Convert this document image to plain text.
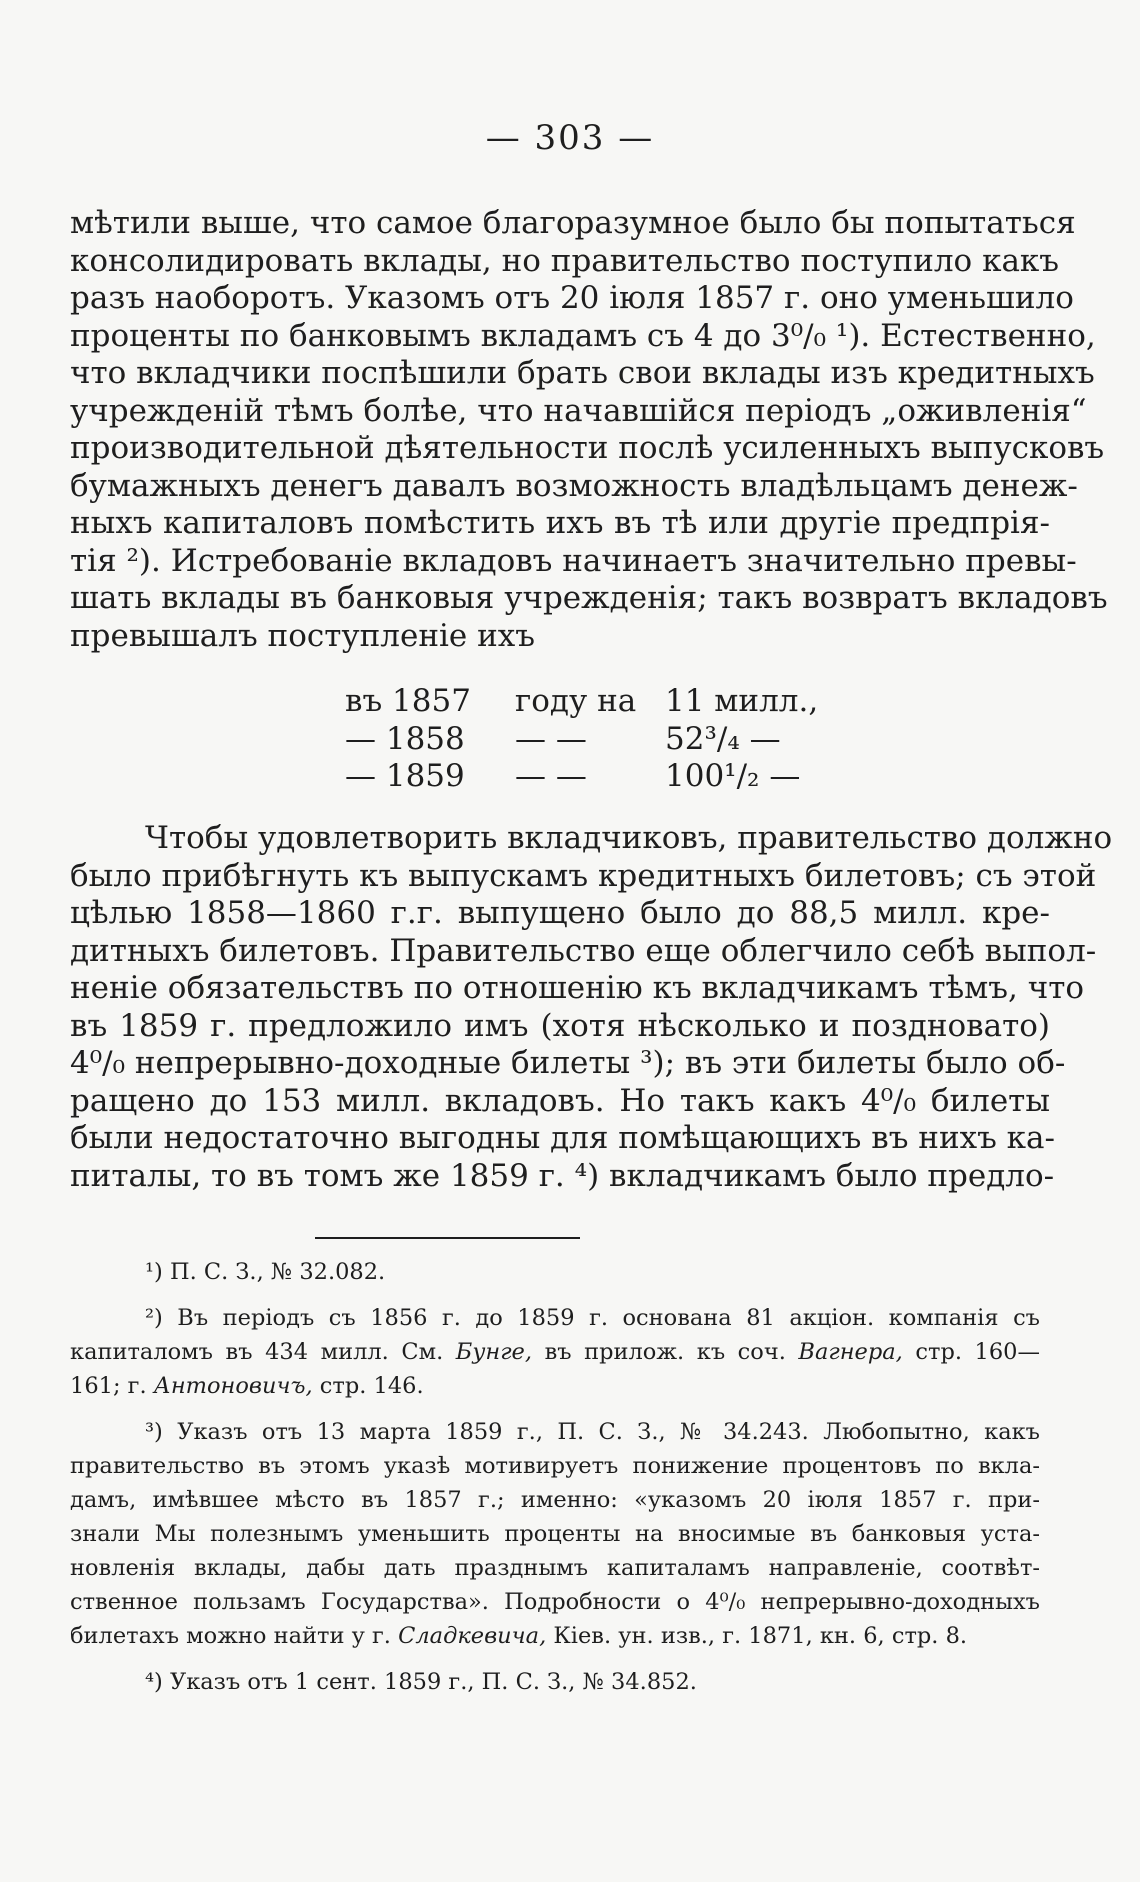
— 303 —
мѣтили выше, что самое благоразумное было бы попытаться
консолидировать вклады, но правительство поступило какъ
разъ наоборотъ. Указомъ отъ 20 іюля 1857 г. оно уменьшило
проценты по банковымъ вкладамъ съ 4 до 3⁰/₀ ¹). Естественно,
что вкладчики поспѣшили брать свои вклады изъ кредитныхъ
учрежденій тѣмъ болѣе, что начавшійся періодъ „оживленія“
производительной дѣятельности послѣ усиленныхъ выпусковъ
бумажныхъ денегъ давалъ возможность владѣльцамъ денеж-
ныхъ капиталовъ помѣстить ихъ въ тѣ или другіе предпрія-
тія ²). Истребованіе вкладовъ начинаетъ значительно превы-
шать вклады въ банковыя учрежденія; такъ возвратъ вкладовъ
превышалъ поступленіе ихъ
въ 1857 году на 11 милл.,
— 1858 — —	52³/₄ —
— 1859 — —	100¹/₂ —
Чтобы удовлетворить вкладчиковъ, правительство должно
было прибѣгнуть къ выпускамъ кредитныхъ билетовъ; съ этой
цѣлью 1858—1860 г.г. выпущено было до 88,5 милл. кре-
дитныхъ билетовъ. Правительство еще облегчило себѣ выпол-
неніе обязательствъ по отношенію къ вкладчикамъ тѣмъ, что
въ 1859 г. предложило имъ (хотя нѣсколько и поздновато)
4⁰/₀ непрерывно-доходные билеты ³); въ эти билеты было об-
ращено до 153 милл. вкладовъ. Но такъ какъ 4⁰/₀ билеты
были недостаточно выгодны для помѣщающихъ въ нихъ ка-
питалы, то въ томъ же 1859 г. ⁴) вкладчикамъ было предло-
¹) П. С. З., № 32.082.
²) Въ періодъ съ 1856 г. до 1859 г. основана 81 акціон. компанія съ
капиталомъ въ 434 милл. См. Бунге, въ прилож. къ соч. Вагнера, стр. 160—
161; г. Антоновичъ, стр. 146.
³) Указъ отъ 13 марта 1859 г., П. С. З., № 34.243. Любопытно, какъ
правительство въ этомъ указѣ мотивируетъ понижение процентовъ по вкла-
дамъ, имѣвшее мѣсто въ 1857 г.; именно: «указомъ 20 іюля 1857 г. при-
знали Мы полезнымъ уменьшить проценты на вносимые въ банковыя уста-
новленія вклады, дабы дать празднымъ капиталамъ направленіе, соотвѣт-
ственное пользамъ Государства». Подробности о 4⁰/₀ непрерывно-доходныхъ
билетахъ можно найти у г. Сладкевича, Кіев. ун. изв., г. 1871, кн. 6, стр. 8.
⁴) Указъ отъ 1 сент. 1859 г., П. С. З., № 34.852.
